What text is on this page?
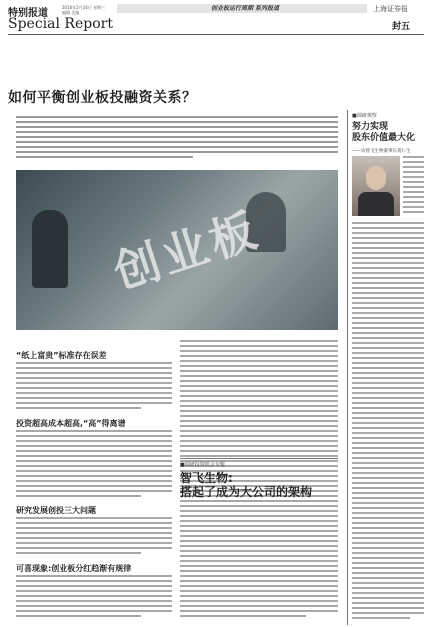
特别报道
2016年2月24日 星期三 编辑 美编
创业板运行周期 系列报道	上海证券报
Special Report	封五
如何平衡创业板投融资关系？
创业板
“纸上富贵”标准存在误差
投资超高成本超高,“高”得离谱
研究发展创投三大问题
可喜现象:创业板分红趋渐有规律
■调研投资机会专题
智飞生物:
搭起了成为大公司的架构
■调研观察
努力实现
股东价值最大化
——访智飞生物董事长蒋仁生
